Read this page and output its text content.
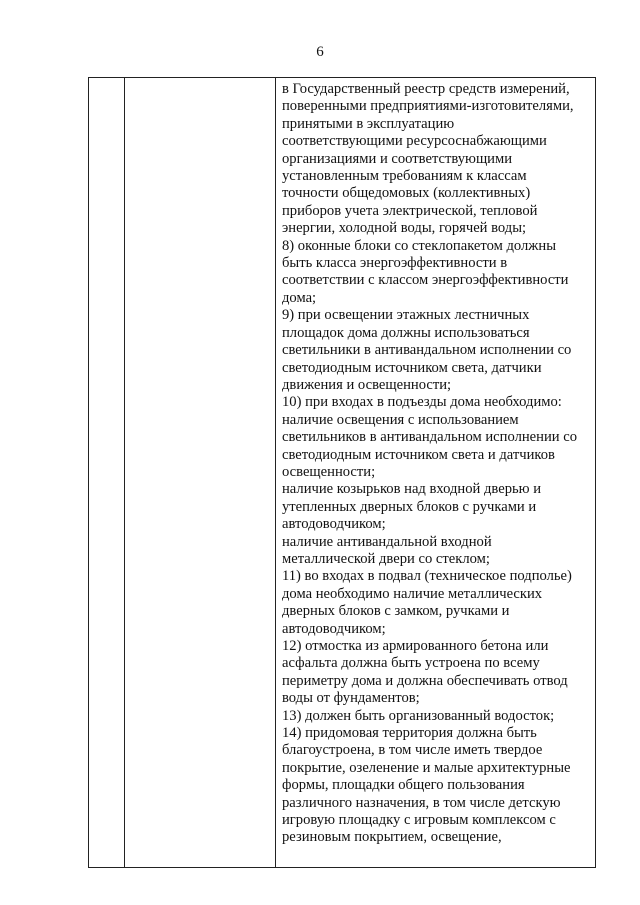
6
в Государственный реестр средств измерений,
поверенными предприятиями-изготовителями,
принятыми в эксплуатацию
соответствующими ресурсоснабжающими
организациями и соответствующими
установленным требованиям к классам
точности общедомовых (коллективных)
приборов учета электрической, тепловой
энергии, холодной воды, горячей воды;
8) оконные блоки со стеклопакетом должны
быть класса энергоэффективности в
соответствии с классом энергоэффективности
дома;
9) при освещении этажных лестничных
площадок дома должны использоваться
светильники в антивандальном исполнении со
светодиодным источником света, датчики
движения и освещенности;
10) при входах в подъезды дома необходимо:
наличие освещения с использованием
светильников в антивандальном исполнении со
светодиодным источником света и датчиков
освещенности;
наличие козырьков над входной дверью и
утепленных дверных блоков с ручками и
автодоводчиком;
наличие антивандальной входной
металлической двери со стеклом;
11) во входах в подвал (техническое подполье)
дома необходимо наличие металлических
дверных блоков с замком, ручками и
автодоводчиком;
12) отмостка из армированного бетона или
асфальта должна быть устроена по всему
периметру дома и должна обеспечивать отвод
воды от фундаментов;
13) должен быть организованный водосток;
14) придомовая территория должна быть
благоустроена, в том числе иметь твердое
покрытие, озеленение и малые архитектурные
формы, площадки общего пользования
различного назначения, в том числе детскую
игровую площадку с игровым комплексом с
резиновым покрытием, освещение,
